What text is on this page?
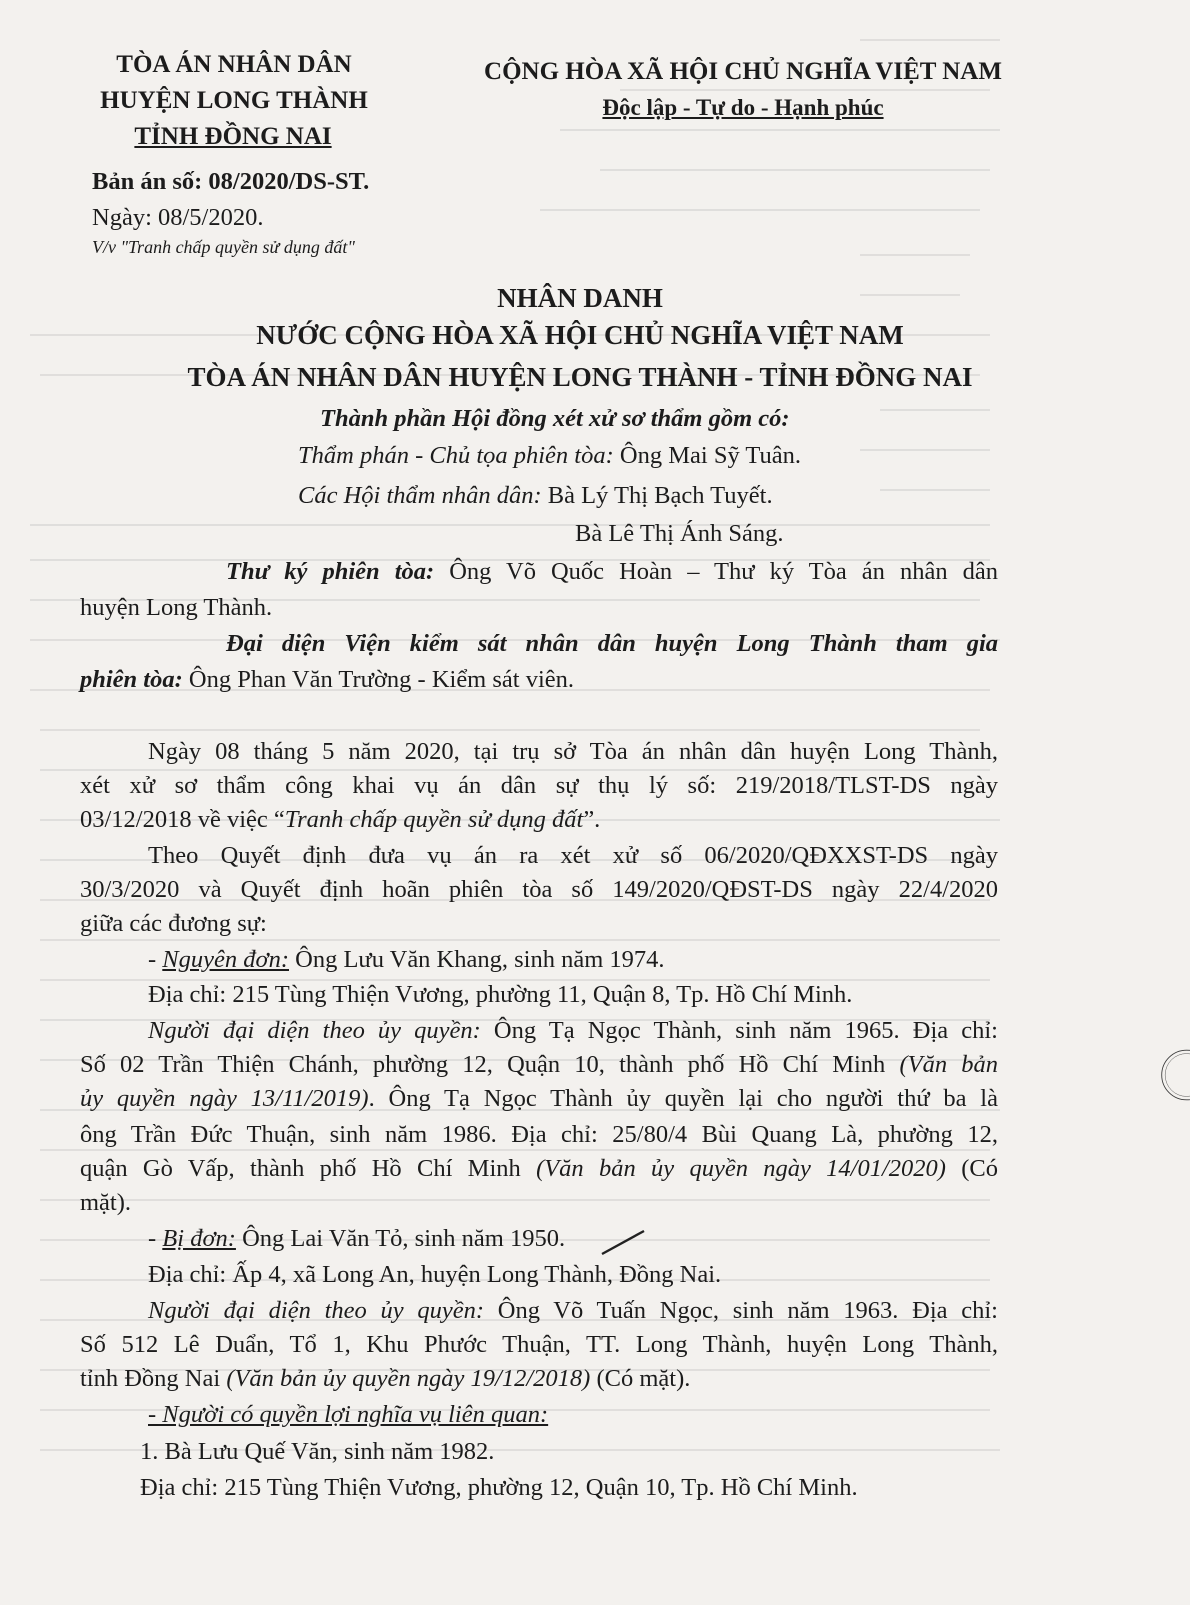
TÒA ÁN NHÂN DÂN
HUYỆN LONG THÀNH
TỈNH ĐỒNG NAI
CỘNG HÒA XÃ HỘI CHỦ NGHĨA VIỆT NAM
Độc lập - Tự do - Hạnh phúc
Bản án số: 08/2020/DS-ST.
Ngày: 08/5/2020.
V/v "Tranh chấp quyền sử dụng đất"
NHÂN DANH
NƯỚC CỘNG HÒA XÃ HỘI CHỦ NGHĨA VIỆT NAM
TÒA ÁN NHÂN DÂN HUYỆN LONG THÀNH - TỈNH ĐỒNG NAI
Thành phần Hội đồng xét xử sơ thẩm gồm có:
Thẩm phán - Chủ tọa phiên tòa: Ông Mai Sỹ Tuân.
Các Hội thẩm nhân dân: Bà Lý Thị Bạch Tuyết.
Bà Lê Thị Ánh Sáng.
Thư ký phiên tòa: Ông Võ Quốc Hoàn – Thư ký Tòa án nhân dân
huyện Long Thành.
Đại diện Viện kiểm sát nhân dân huyện Long Thành tham gia
phiên tòa: Ông Phan Văn Trường - Kiểm sát viên.
Ngày 08 tháng 5 năm 2020, tại trụ sở Tòa án nhân dân huyện Long Thành,
xét xử sơ thẩm công khai vụ án dân sự thụ lý số: 219/2018/TLST-DS ngày
03/12/2018 về việc “Tranh chấp quyền sử dụng đất”.
Theo Quyết định đưa vụ án ra xét xử số 06/2020/QĐXXST-DS ngày
30/3/2020 và Quyết định hoãn phiên tòa số 149/2020/QĐST-DS ngày 22/4/2020
giữa các đương sự:
- Nguyên đơn: Ông Lưu Văn Khang, sinh năm 1974.
Địa chỉ: 215 Tùng Thiện Vương, phường 11, Quận 8, Tp. Hồ Chí Minh.
Người đại diện theo ủy quyền: Ông Tạ Ngọc Thành, sinh năm 1965. Địa chỉ:
Số 02 Trần Thiện Chánh, phường 12, Quận 10, thành phố Hồ Chí Minh (Văn bản
ủy quyền ngày 13/11/2019). Ông Tạ Ngọc Thành ủy quyền lại cho người thứ ba là
ông Trần Đức Thuận, sinh năm 1986. Địa chỉ: 25/80/4 Bùi Quang Là, phường 12,
quận Gò Vấp, thành phố Hồ Chí Minh (Văn bản ủy quyền ngày 14/01/2020) (Có
mặt).
- Bị đơn: Ông Lai Văn Tỏ, sinh năm 1950.
Địa chỉ: Ấp 4, xã Long An, huyện Long Thành, Đồng Nai.
Người đại diện theo ủy quyền: Ông Võ Tuấn Ngọc, sinh năm 1963. Địa chỉ:
Số 512 Lê Duẩn, Tổ 1, Khu Phước Thuận, TT. Long Thành, huyện Long Thành,
tỉnh Đồng Nai (Văn bản ủy quyền ngày 19/12/2018) (Có mặt).
- Người có quyền lợi nghĩa vụ liên quan:
1. Bà Lưu Quế Văn, sinh năm 1982.
Địa chỉ: 215 Tùng Thiện Vương, phường 12, Quận 10, Tp. Hồ Chí Minh.
